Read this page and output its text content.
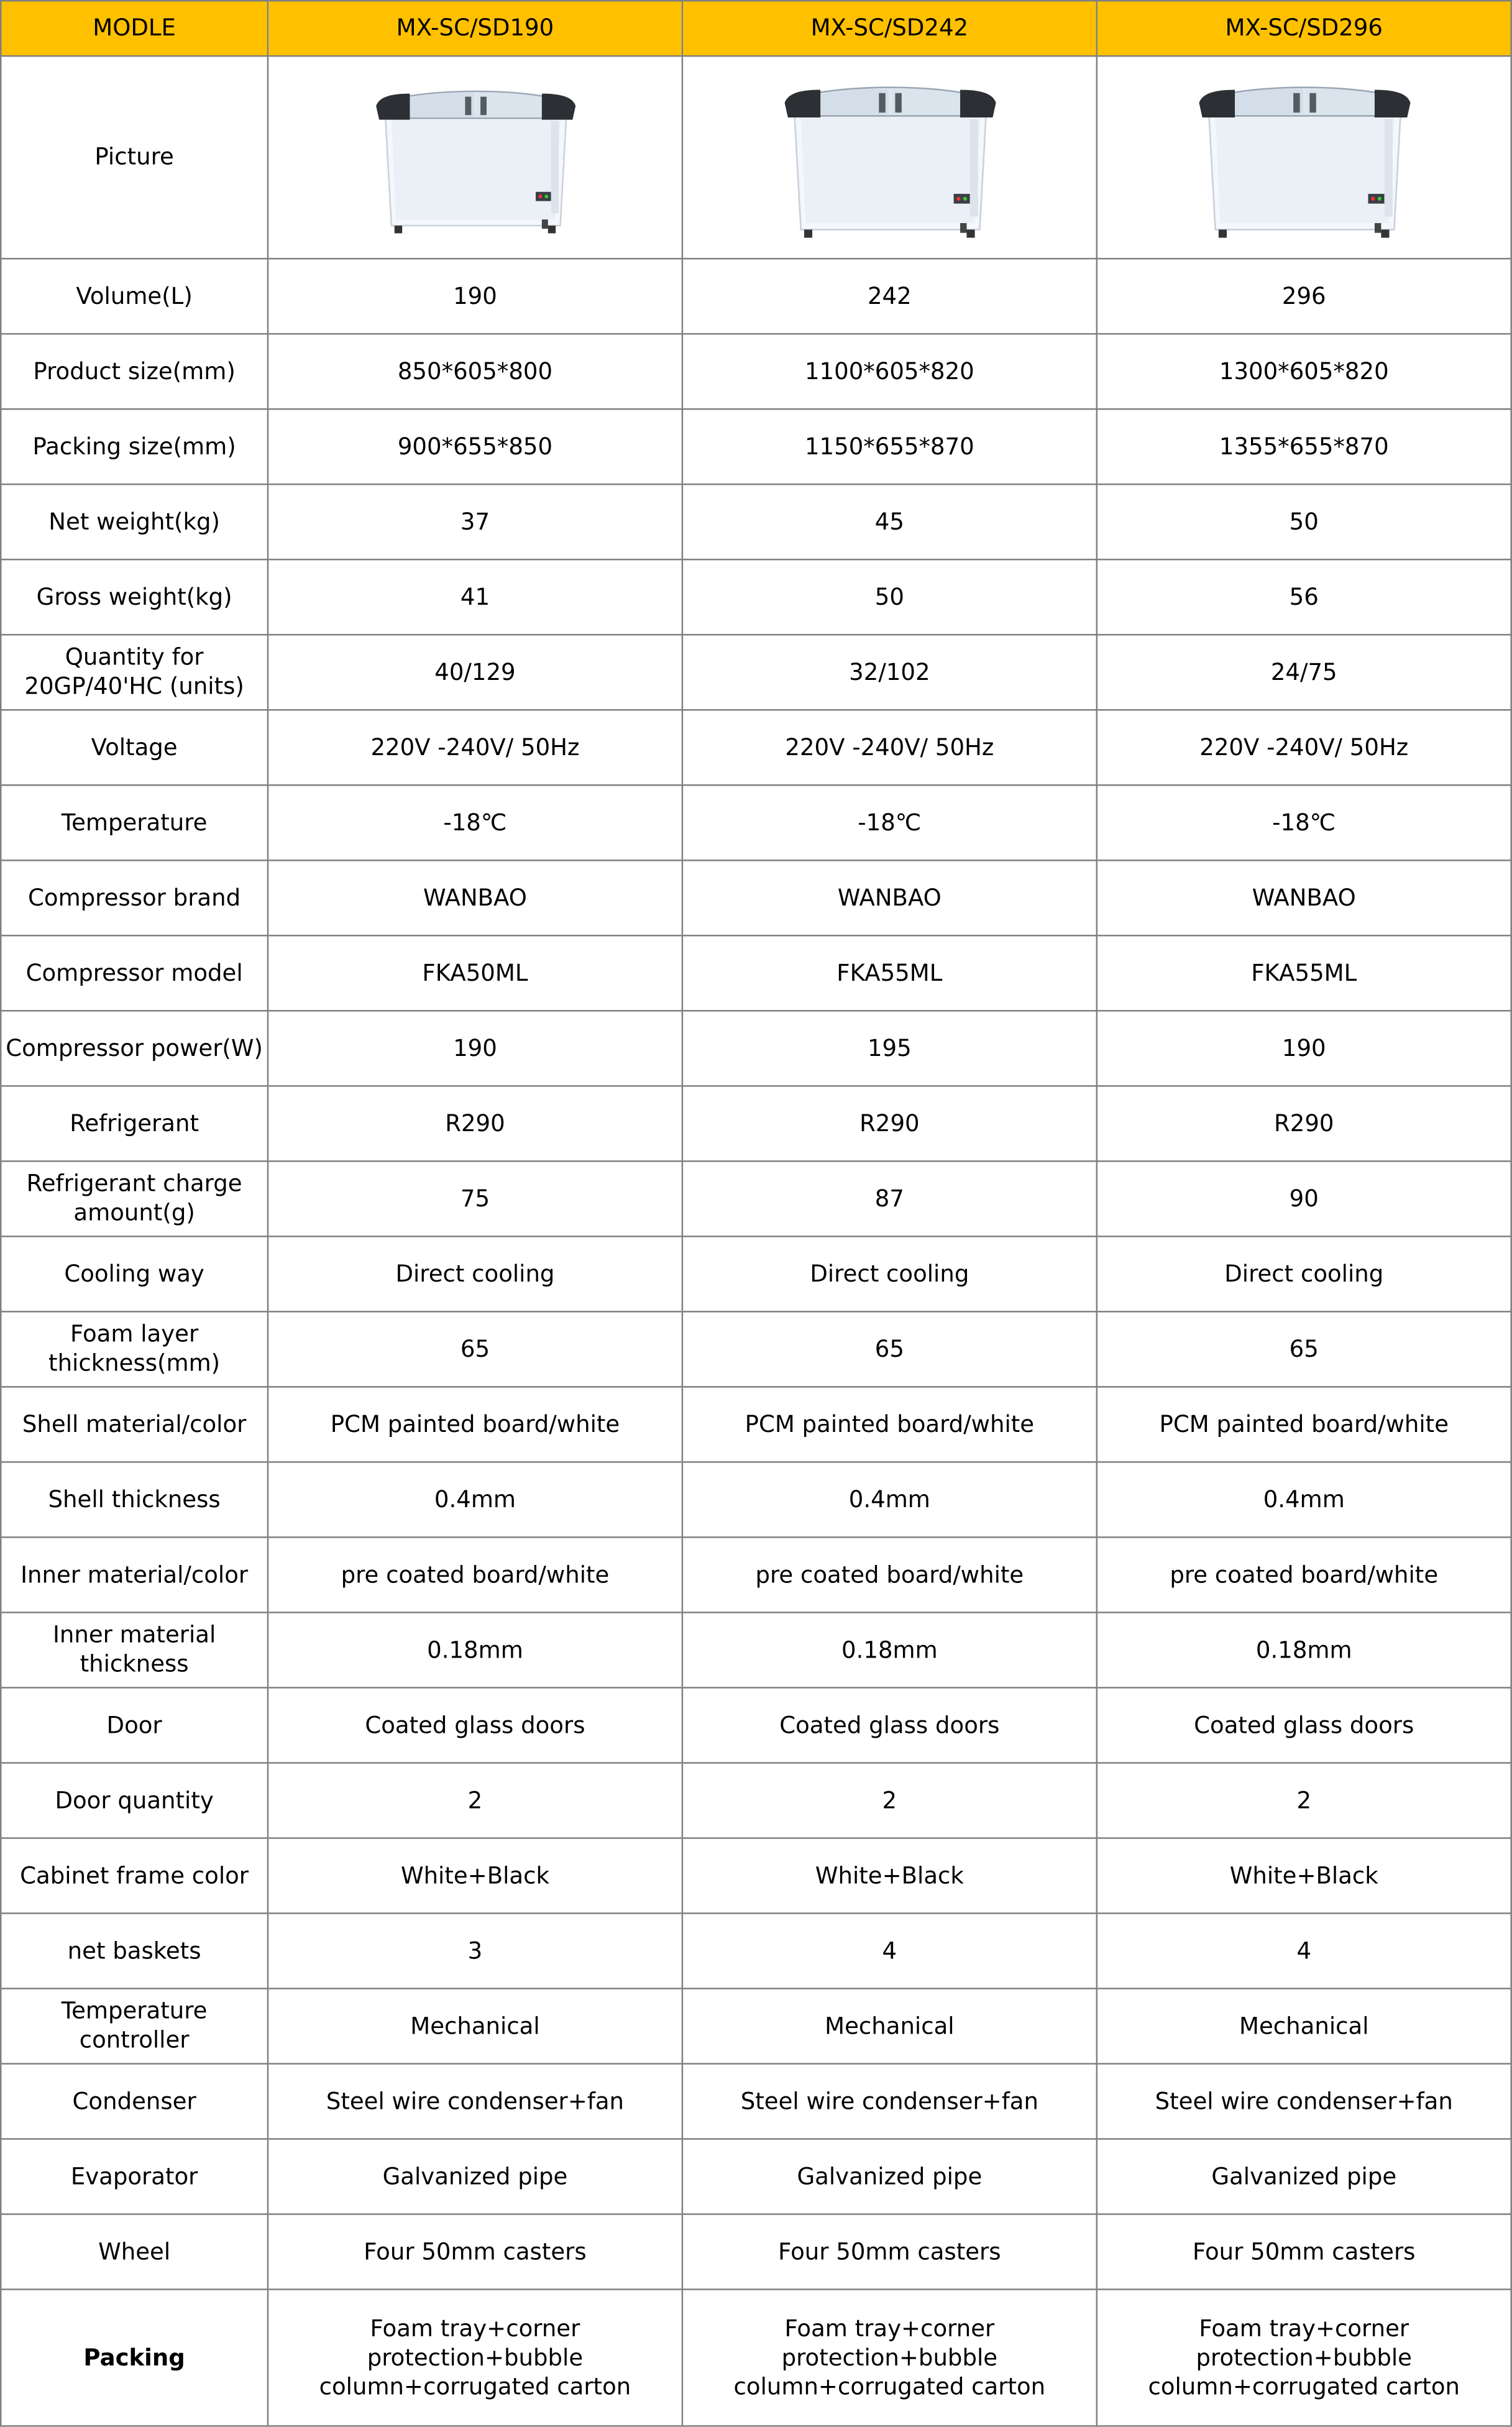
MODLE	MX-SC/SD190	MX-SC/SD242	MX-SC/SD296
Picture	

Volume(L)	190	242	296
Product size(mm)	850*605*800	1100*605*820	1300*605*820
Packing size(mm)	900*655*850	1150*655*870	1355*655*870
Net weight(kg)	37	45	50
Gross weight(kg)	41	50	56
Quantity for 20GP/40'HC (units)	40/129	32/102	24/75
Voltage	220V -240V/ 50Hz	220V -240V/ 50Hz	220V -240V/ 50Hz
Temperature	-18℃	-18℃	-18℃
Compressor brand	WANBAO	WANBAO	WANBAO
Compressor model	FKA50ML	FKA55ML	FKA55ML
Compressor power(W)	190	195	190
Refrigerant	R290	R290	R290
Refrigerant charge amount(g)	75	87	90
Cooling way	Direct cooling	Direct cooling	Direct cooling
Foam layer thickness(mm)	65	65	65
Shell material/color	PCM painted board/white	PCM painted board/white	PCM painted board/white
Shell thickness	0.4mm	0.4mm	0.4mm
Inner material/color	pre coated board/white	pre coated board/white	pre coated board/white
Inner material thickness	0.18mm	0.18mm	0.18mm
Door	Coated glass doors	Coated glass doors	Coated glass doors
Door quantity	2	2	2
Cabinet frame color	White+Black	White+Black	White+Black
net baskets	3	4	4
Temperature controller	Mechanical	Mechanical	Mechanical
Condenser	Steel wire condenser+fan	Steel wire condenser+fan	Steel wire condenser+fan
Evaporator	Galvanized pipe	Galvanized pipe	Galvanized pipe
Wheel	Four 50mm casters	Four 50mm casters	Four 50mm casters
Packing	Foam tray+corner protection+bubble column+corrugated carton	Foam tray+corner protection+bubble column+corrugated carton	Foam tray+corner protection+bubble column+corrugated carton
